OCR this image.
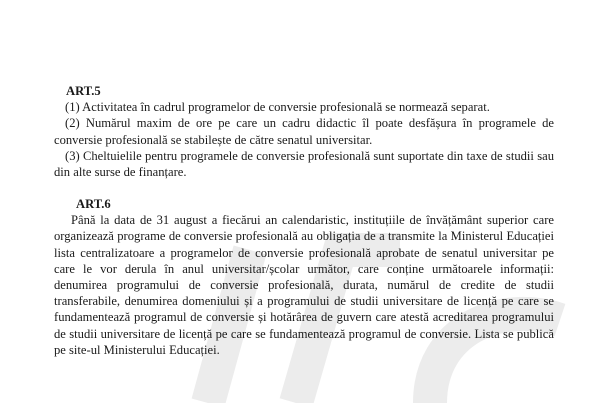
ART.5

(1) Activitatea în cadrul programelor de conversie profesională se normează separat.

(2) Numărul maxim de ore pe care un cadru didactic îl poate desfășura în programele de conversie profesională se stabilește de către senatul universitar.

(3) Cheltuielile pentru programele de conversie profesională sunt suportate din taxe de studii sau din alte surse de finanțare.

ART.6

Până la data de 31 august a fiecărui an calendaristic, instituțiile de învățământ superior care organizează programe de conversie profesională au obligația de a transmite la Ministerul Educației lista centralizatoare a programelor de conversie profesională aprobate de senatul universitar pe care le vor derula în anul universitar/școlar următor, care conține următoarele informații: denumirea programului de conversie profesională, durata, numărul de credite de studii transferabile, denumirea domeniului și a programului de studii universitare de licență pe care se fundamentează programul de conversie și hotărârea de guvern care atestă acreditarea programului de studii universitare de licență pe care se fundamentează programul de conversie. Lista se publică pe site-ul Ministerului Educației.
